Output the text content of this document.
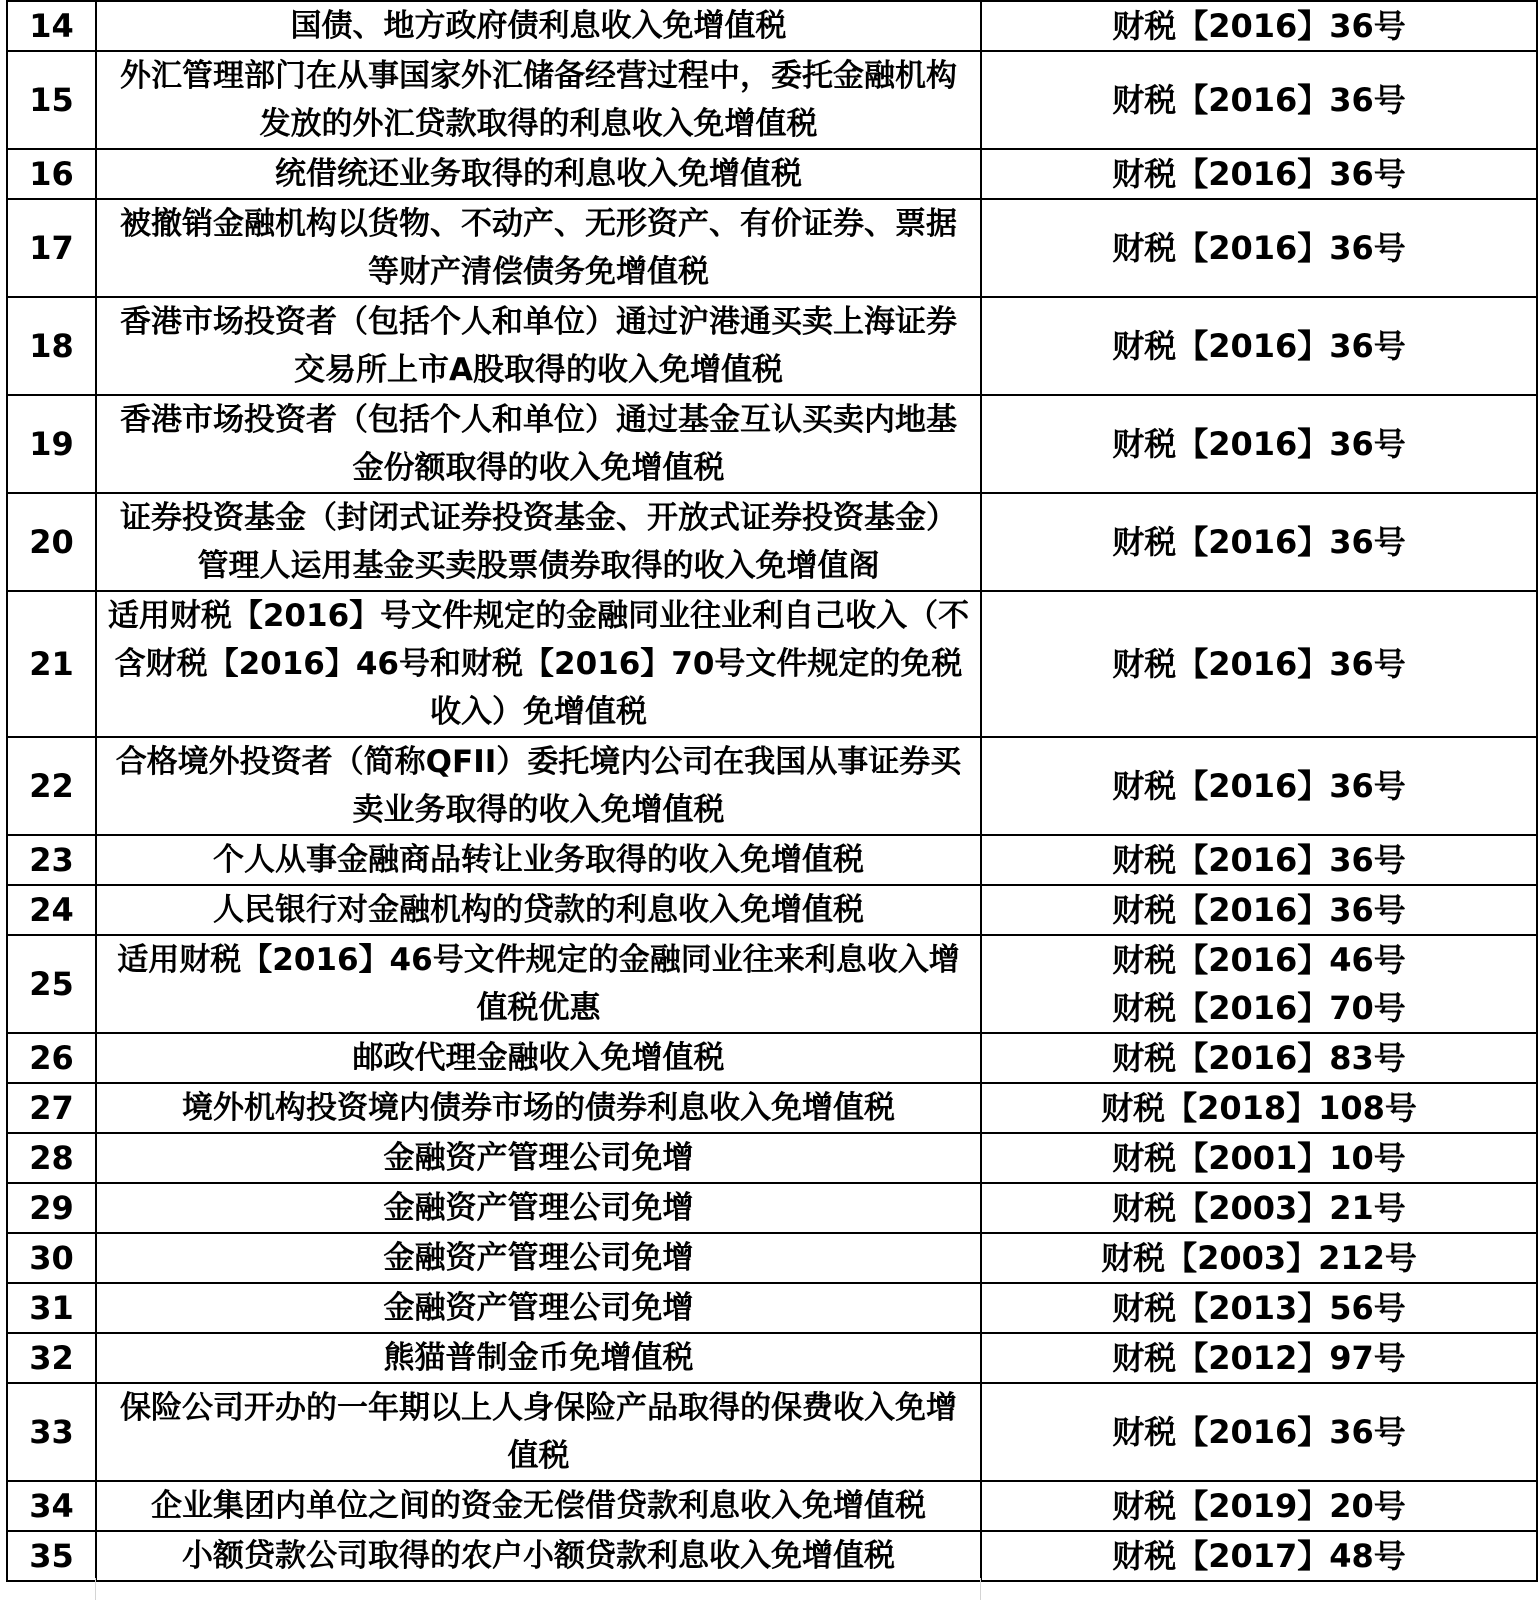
14	国债、地方政府债利息收入免增值税	财税【2016】36号

15	外汇管理部门在从事国家外汇储备经营过程中，委托金融机构发放的外汇贷款取得的利息收入免增值税	财税【2016】36号

16	统借统还业务取得的利息收入免增值税	财税【2016】36号

17	被撤销金融机构以货物、不动产、无形资产、有价证券、票据等财产清偿债务免增值税	财税【2016】36号

18	香港市场投资者（包括个人和单位）通过沪港通买卖上海证券交易所上市A股取得的收入免增值税	财税【2016】36号

19	香港市场投资者（包括个人和单位）通过基金互认买卖内地基金份额取得的收入免增值税	财税【2016】36号

20	证券投资基金（封闭式证券投资基金、开放式证券投资基金）管理人运用基金买卖股票债券取得的收入免增值阁	财税【2016】36号

21	适用财税【2016】号文件规定的金融同业往业利自己收入（不含财税【2016】46号和财税【2016】70号文件规定的免税收入）免增值税	财税【2016】36号

22	合格境外投资者（简称QFII）委托境内公司在我国从事证券买卖业务取得的收入免增值税	财税【2016】36号

23	个人从事金融商品转让业务取得的收入免增值税	财税【2016】36号

24	人民银行对金融机构的贷款的利息收入免增值税	财税【2016】36号

25	适用财税【2016】46号文件规定的金融同业往来利息收入增值税优惠	财税【2016】46号
财税【2016】70号

26	邮政代理金融收入免增值税	财税【2016】83号

27	境外机构投资境内债券市场的债券利息收入免增值税	财税【2018】108号

28	金融资产管理公司免增	财税【2001】10号

29	金融资产管理公司免增	财税【2003】21号

30	金融资产管理公司免增	财税【2003】212号

31	金融资产管理公司免增	财税【2013】56号

32	熊猫普制金币免增值税	财税【2012】97号

33	保险公司开办的一年期以上人身保险产品取得的保费收入免增值税	财税【2016】36号

34	企业集团内单位之间的资金无偿借贷款利息收入免增值税	财税【2019】20号

35	小额贷款公司取得的农户小额贷款利息收入免增值税	财税【2017】48号
